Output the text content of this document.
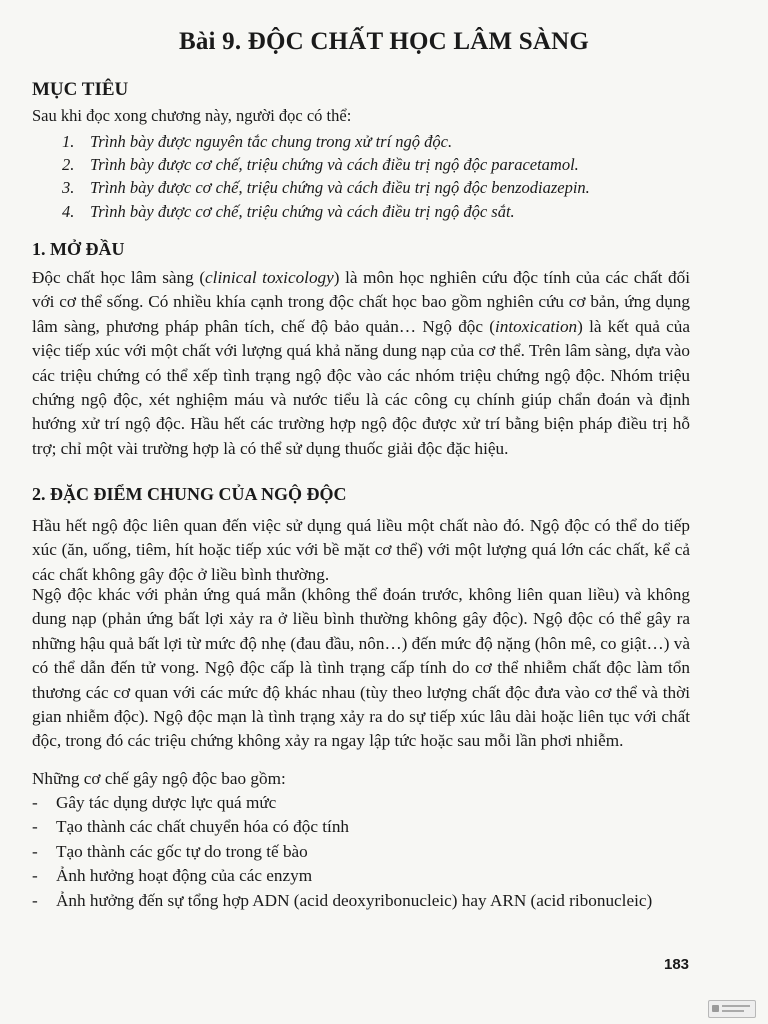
Bài 9. ĐỘC CHẤT HỌC LÂM SÀNG
MỤC TIÊU
Sau khi đọc xong chương này, người đọc có thể:
1. Trình bày được nguyên tắc chung trong xử trí ngộ độc.
2. Trình bày được cơ chế, triệu chứng và cách điều trị ngộ độc paracetamol.
3. Trình bày được cơ chế, triệu chứng và cách điều trị ngộ độc benzodiazepin.
4. Trình bày được cơ chế, triệu chứng và cách điều trị ngộ độc sắt.
1. MỞ ĐẦU

Độc chất học lâm sàng (clinical toxicology) là môn học nghiên cứu độc tính của các chất đối với cơ thể sống. Có nhiều khía cạnh trong độc chất học bao gồm nghiên cứu cơ bản, ứng dụng lâm sàng, phương pháp phân tích, chế độ bảo quản… Ngộ độc (intoxication) là kết quả của việc tiếp xúc với một chất với lượng quá khả năng dung nạp của cơ thể. Trên lâm sàng, dựa vào các triệu chứng có thể xếp tình trạng ngộ độc vào các nhóm triệu chứng ngộ độc. Nhóm triệu chứng ngộ độc, xét nghiệm máu và nước tiểu là các công cụ chính giúp chẩn đoán và định hướng xử trí ngộ độc. Hầu hết các trường hợp ngộ độc được xử trí bằng biện pháp điều trị hỗ trợ; chỉ một vài trường hợp là có thể sử dụng thuốc giải độc đặc hiệu.

2. ĐẶC ĐIỂM CHUNG CỦA NGỘ ĐỘC

Hầu hết ngộ độc liên quan đến việc sử dụng quá liều một chất nào đó. Ngộ độc có thể do tiếp xúc (ăn, uống, tiêm, hít hoặc tiếp xúc với bề mặt cơ thể) với một lượng quá lớn các chất, kể cả các chất không gây độc ở liều bình thường.

Ngộ độc khác với phản ứng quá mẫn (không thể đoán trước, không liên quan liều) và không dung nạp (phản ứng bất lợi xảy ra ở liều bình thường không gây độc). Ngộ độc có thể gây ra những hậu quả bất lợi từ mức độ nhẹ (đau đầu, nôn…) đến mức độ nặng (hôn mê, co giật…) và có thể dẫn đến tử vong. Ngộ độc cấp là tình trạng cấp tính do cơ thể nhiễm chất độc làm tổn thương các cơ quan với các mức độ khác nhau (tùy theo lượng chất độc đưa vào cơ thể và thời gian nhiễm độc). Ngộ độc mạn là tình trạng xảy ra do sự tiếp xúc lâu dài hoặc liên tục với chất độc, trong đó các triệu chứng không xảy ra ngay lập tức hoặc sau mỗi lần phơi nhiễm.

Những cơ chế gây ngộ độc bao gồm:
- Gây tác dụng dược lực quá mức
- Tạo thành các chất chuyển hóa có độc tính
- Tạo thành các gốc tự do trong tế bào
- Ảnh hưởng hoạt động của các enzym
- Ảnh hưởng đến sự tổng hợp ADN (acid deoxyribonucleic) hay ARN (acid ribonucleic)
183
